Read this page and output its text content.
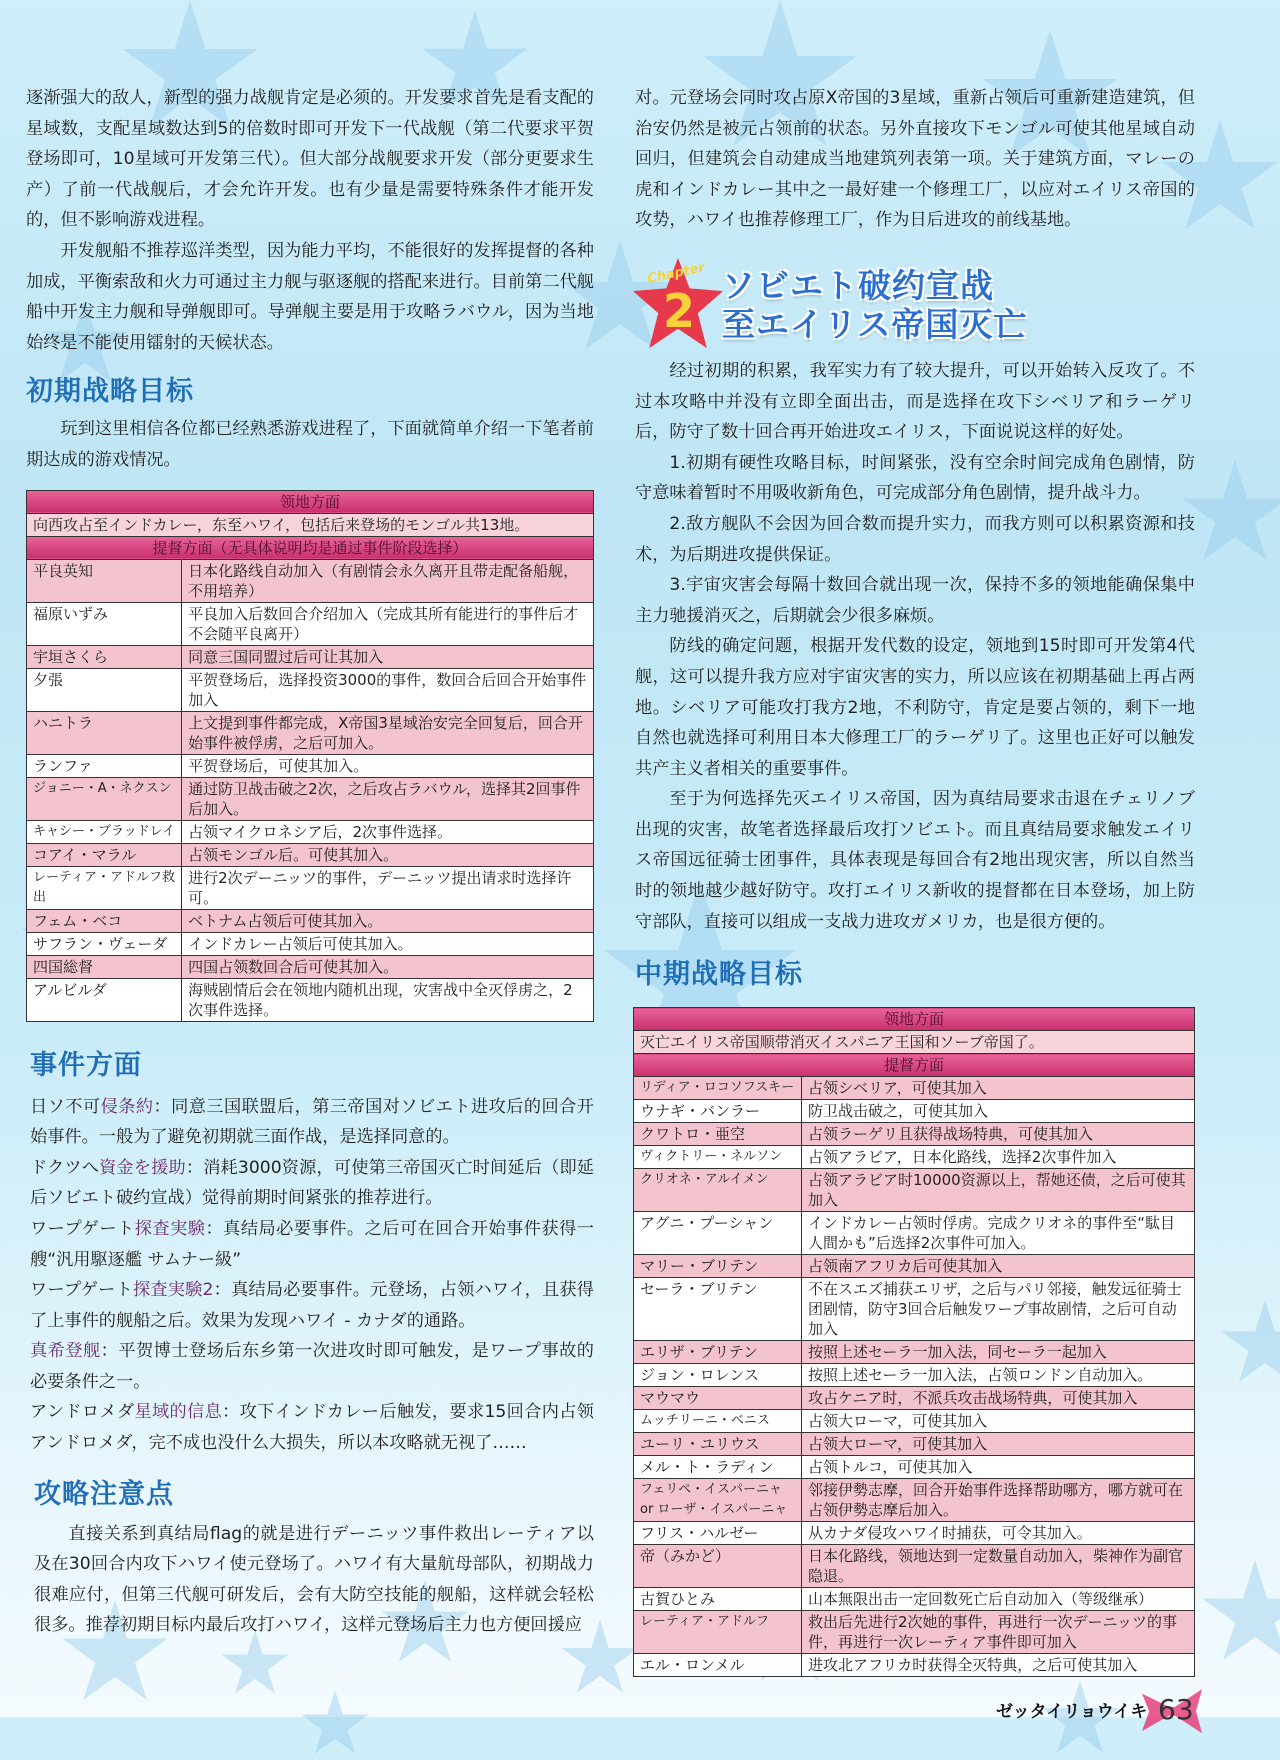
逐渐强大的敌人，新型的强力战舰肯定是必须的。开发要求首先是看支配的星域数，支配星域数达到5的倍数时即可开发下一代战舰（第二代要求平贺登场即可，10星域可开发第三代）。但大部分战舰要求开发（部分更要求生产）了前一代战舰后，才会允许开发。也有少量是需要特殊条件才能开发的，但不影响游戏进程。

开发舰船不推荐巡洋类型，因为能力平均，不能很好的发挥提督的各种加成，平衡索敌和火力可通过主力舰与驱逐舰的搭配来进行。目前第二代舰船中开发主力舰和导弹舰即可。导弹舰主要是用于攻略ラバウル，因为当地始终是不能使用镭射的天候状态。

初期战略目标

玩到这里相信各位都已经熟悉游戏进程了，下面就简单介绍一下笔者前期达成的游戏情况。

领地方面	
向西攻占至インドカレー，东至ハワイ，包括后来登场的モンゴル共13地。	
提督方面（无具体说明均是通过事件阶段选择）	
平良英知	日本化路线自动加入（有剧情会永久离开且带走配备船舰，不用培养）
福原いずみ	平良加入后数回合介绍加入（完成其所有能进行的事件后才不会随平良离开）
宇垣さくら	同意三国同盟过后可让其加入
夕張	平贺登场后，选择投资3000的事件，数回合后回合开始事件加入
ハニトラ	上文提到事件都完成，X帝国3星域治安完全回复后，回合开始事件被俘虏，之后可加入。
ランファ	平贺登场后，可使其加入。
ジョニー・A・ネクスン	通过防卫战击破之2次，之后攻占ラバウル，选择其2回事件后加入。
キャシー・ブラッドレイ	占领マイクロネシア后，2次事件选择。
コアイ・マラル	占领モンゴル后。可使其加入。
レーティア・アドルフ救出	进行2次デーニッツ的事件，デーニッツ提出请求时选择许可。
フェム・ベコ	ベトナム占领后可使其加入。
サフラン・ヴェーダ	インドカレー占领后可使其加入。
四国総督	四国占领数回合后可使其加入。
アルビルダ	海贼剧情后会在领地内随机出现，灾害战中全灭俘虏之，2次事件选择。
事件方面

日ソ不可侵条約：同意三国联盟后，第三帝国对ソビエト进攻后的回合开始事件。一般为了避免初期就三面作战，是选择同意的。

ドクツへ資金を援助：消耗3000资源，可使第三帝国灭亡时间延后（即延后ソビエト破约宣战）觉得前期时间紧张的推荐进行。

ワープゲート探査実験：真结局必要事件。之后可在回合开始事件获得一艘“汎用駆逐艦 サムナー級”

ワープゲート探査実験2：真结局必要事件。元登场，占领ハワイ，且获得了上事件的舰船之后。效果为发现ハワイ - カナダ的通路。

真希登舰：平贺博士登场后东乡第一次进攻时即可触发，是ワープ事故的必要条件之一。

アンドロメダ星域的信息：攻下インドカレー后触发，要求15回合内占领アンドロメダ，完不成也没什么大损失，所以本攻略就无视了……

攻略注意点

直接关系到真结局flag的就是进行デーニッツ事件救出レーティア以及在30回合内攻下ハワイ使元登场了。ハワイ有大量航母部队，初期战力很难应付，但第三代舰可研发后，会有大防空技能的舰船，这样就会轻松很多。推荐初期目标内最后攻打ハワイ，这样元登场后主力也方便回援应

对。元登场会同时攻占原X帝国的3星域，重新占领后可重新建造建筑，但治安仍然是被元占领前的状态。另外直接攻下モンゴル可使其他星域自动回归，但建筑会自动建成当地建筑列表第一项。关于建筑方面，マレーの虎和インドカレー其中之一最好建一个修理工厂，以应对エイリス帝国的攻势，ハワイ也推荐修理工厂，作为日后进攻的前线基地。

Chapter
2 ソビエト破约宣战
至エイリス帝国灭亡

经过初期的积累，我军实力有了较大提升，可以开始转入反攻了。不过本攻略中并没有立即全面出击，而是选择在攻下シベリア和ラーゲリ后，防守了数十回合再开始进攻エイリス，下面说说这样的好处。

1.初期有硬性攻略目标，时间紧张，没有空余时间完成角色剧情，防守意味着暂时不用吸收新角色，可完成部分角色剧情，提升战斗力。

2.敌方舰队不会因为回合数而提升实力，而我方则可以积累资源和技术，为后期进攻提供保证。

3.宇宙灾害会每隔十数回合就出现一次，保持不多的领地能确保集中主力驰援消灭之，后期就会少很多麻烦。

防线的确定问题，根据开发代数的设定，领地到15时即可开发第4代舰，这可以提升我方应对宇宙灾害的实力，所以应该在初期基础上再占两地。シベリア可能攻打我方2地，不利防守，肯定是要占领的，剩下一地自然也就选择可利用日本大修理工厂的ラーゲリ了。这里也正好可以触发共产主义者相关的重要事件。

至于为何选择先灭エイリス帝国，因为真结局要求击退在チェリノブ出现的灾害，故笔者选择最后攻打ソビエト。而且真结局要求触发エイリス帝国远征骑士团事件，具体表现是每回合有2地出现灾害，所以自然当时的领地越少越好防守。攻打エイリス新收的提督都在日本登场，加上防守部队，直接可以组成一支战力进攻ガメリカ，也是很方便的。

中期战略目标
领地方面	
灭亡エイリス帝国顺带消灭イスパニア王国和ソーブ帝国了。	
提督方面	
リディア・ロコソフスキー	占领シベリア，可使其加入
ウナギ・バンラー	防卫战击破之，可使其加入
クワトロ・亜空	占领ラーゲリ且获得战场特典，可使其加入
ヴィクトリー・ネルソン	占领アラビア，日本化路线，选择2次事件加入
クリオネ・アルイメン	占领アラビア时10000资源以上，帮她还债，之后可使其加入
アグニ・プーシャン	インドカレー占领时俘虏。完成クリオネ的事件至“駄目人間かも”后选择2次事件可加入。
マリー・ブリテン	占领南アフリカ后可使其加入
セーラ・ブリテン	不在スエズ捕获エリザ，之后与パリ邻接，触发远征骑士团剧情，防守3回合后触发ワープ事故剧情，之后可自动加入
エリザ・ブリテン	按照上述セーラ一加入法，同セーラ一起加入
ジョン・ロレンス	按照上述セーラ一加入法，占领ロンドン自动加入。
マウマウ	攻占ケニア时，不派兵攻击战场特典，可使其加入
ムッチリーニ・ベニス	占领大ローマ，可使其加入
ユーリ・ユリウス	占领大ローマ，可使其加入
メル・ト・ラディン	占领トルコ，可使其加入
フェリペ・イスパーニャ or ローザ・イスパーニャ	邻接伊勢志摩，回合开始事件选择帮助哪方，哪方就可在占领伊勢志摩后加入。
フリス・ハルゼー	从カナダ侵攻ハワイ时捕获，可令其加入。
帝（みかど）	日本化路线，领地达到一定数量自动加入，柴神作为副官隐退。
古賀ひとみ	山本無限出击一定回数死亡后自动加入（等级继承）
レーティア・アドルフ	救出后先进行2次她的事件，再进行一次デーニッツ的事件，再进行一次レーティア事件即可加入
エル・ロンメル	进攻北アフリカ时获得全灭特典，之后可使其加入
ゼッタイリョウイキ 63
